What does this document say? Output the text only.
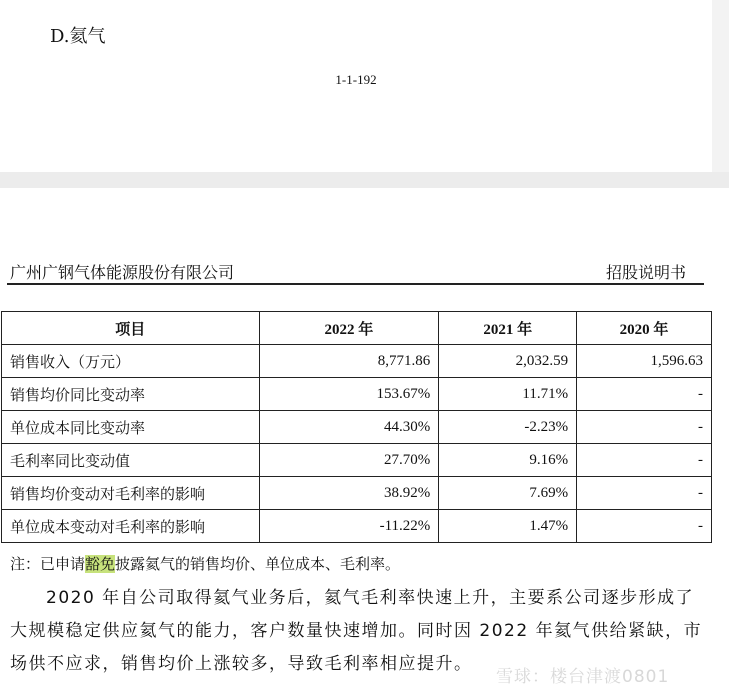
D.氦气
1-1-192
广州广钢气体能源股份有限公司	招股说明书
项目	2022 年	2021 年	2020 年
销售收入（万元）	8,771.86	2,032.59	1,596.63
销售均价同比变动率	153.67%	11.71%	-
单位成本同比变动率	44.30%	-2.23%	-
毛利率同比变动值	27.70%	9.16%	-
销售均价变动对毛利率的影响	38.92%	7.69%	-
单位成本变动对毛利率的影响	-11.22%	1.47%	-
注：已申请豁免披露氦气的销售均价、单位成本、毛利率。
2020 年自公司取得氦气业务后，氦气毛利率快速上升，主要系公司逐步形成了大规模稳定供应氦气的能力，客户数量快速增加。同时因 2022 年氦气供给紧缺，市场供不应求，销售均价上涨较多，导致毛利率相应提升。
雪球：楼台津渡0801
